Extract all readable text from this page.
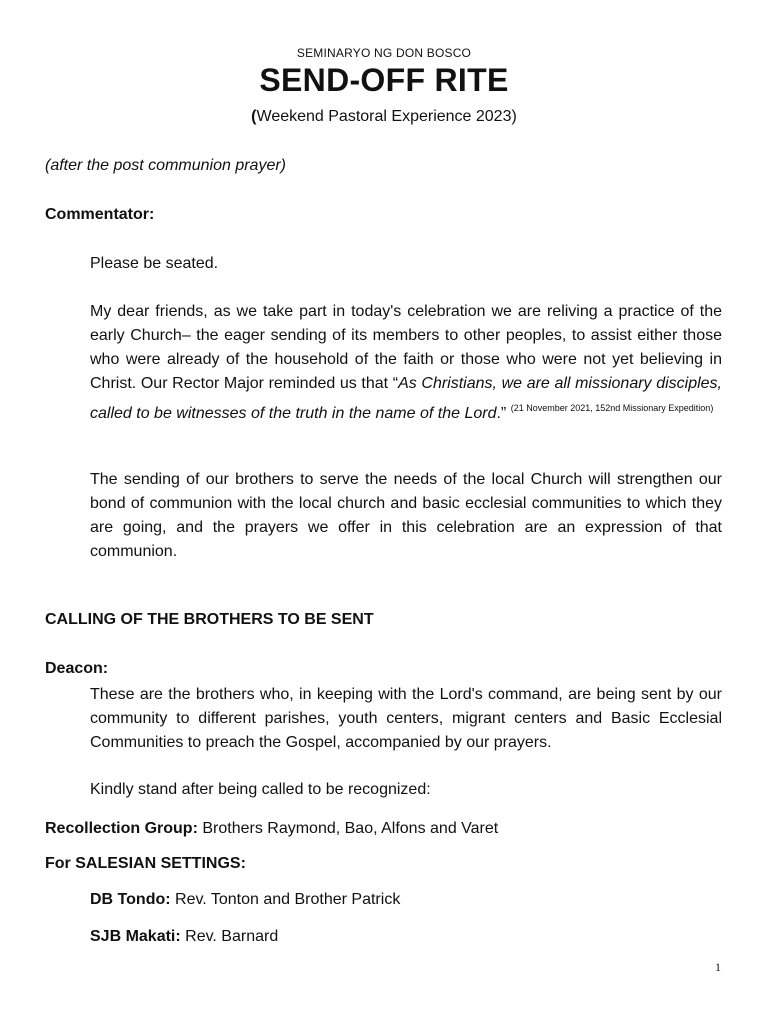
SEMINARYO NG DON BOSCO
SEND-OFF RITE
(Weekend Pastoral Experience 2023)
(after the post communion prayer)
Commentator:
Please be seated.
My dear friends, as we take part in today's celebration we are reliving a practice of the early Church– the eager sending of its members to other peoples, to assist either those who were already of the household of the faith or those who were not yet believing in Christ. Our Rector Major reminded us that “As Christians, we are all missionary disciples, called to be witnesses of the truth in the name of the Lord.” $^{(21 November 2021, 152nd Missionary Expedition)}$
The sending of our brothers to serve the needs of the local Church will strengthen our bond of communion with the local church and basic ecclesial communities to which they are going, and the prayers we offer in this celebration are an expression of that communion.
CALLING OF THE BROTHERS TO BE SENT
Deacon:
These are the brothers who, in keeping with the Lord's command, are being sent by our community to different parishes, youth centers, migrant centers and Basic Ecclesial Communities to preach the Gospel, accompanied by our prayers.
Kindly stand after being called to be recognized:
Recollection Group: Brothers Raymond, Bao, Alfons and Varet
For SALESIAN SETTINGS:
DB Tondo: Rev. Tonton and Brother Patrick
SJB Makati: Rev. Barnard
1
